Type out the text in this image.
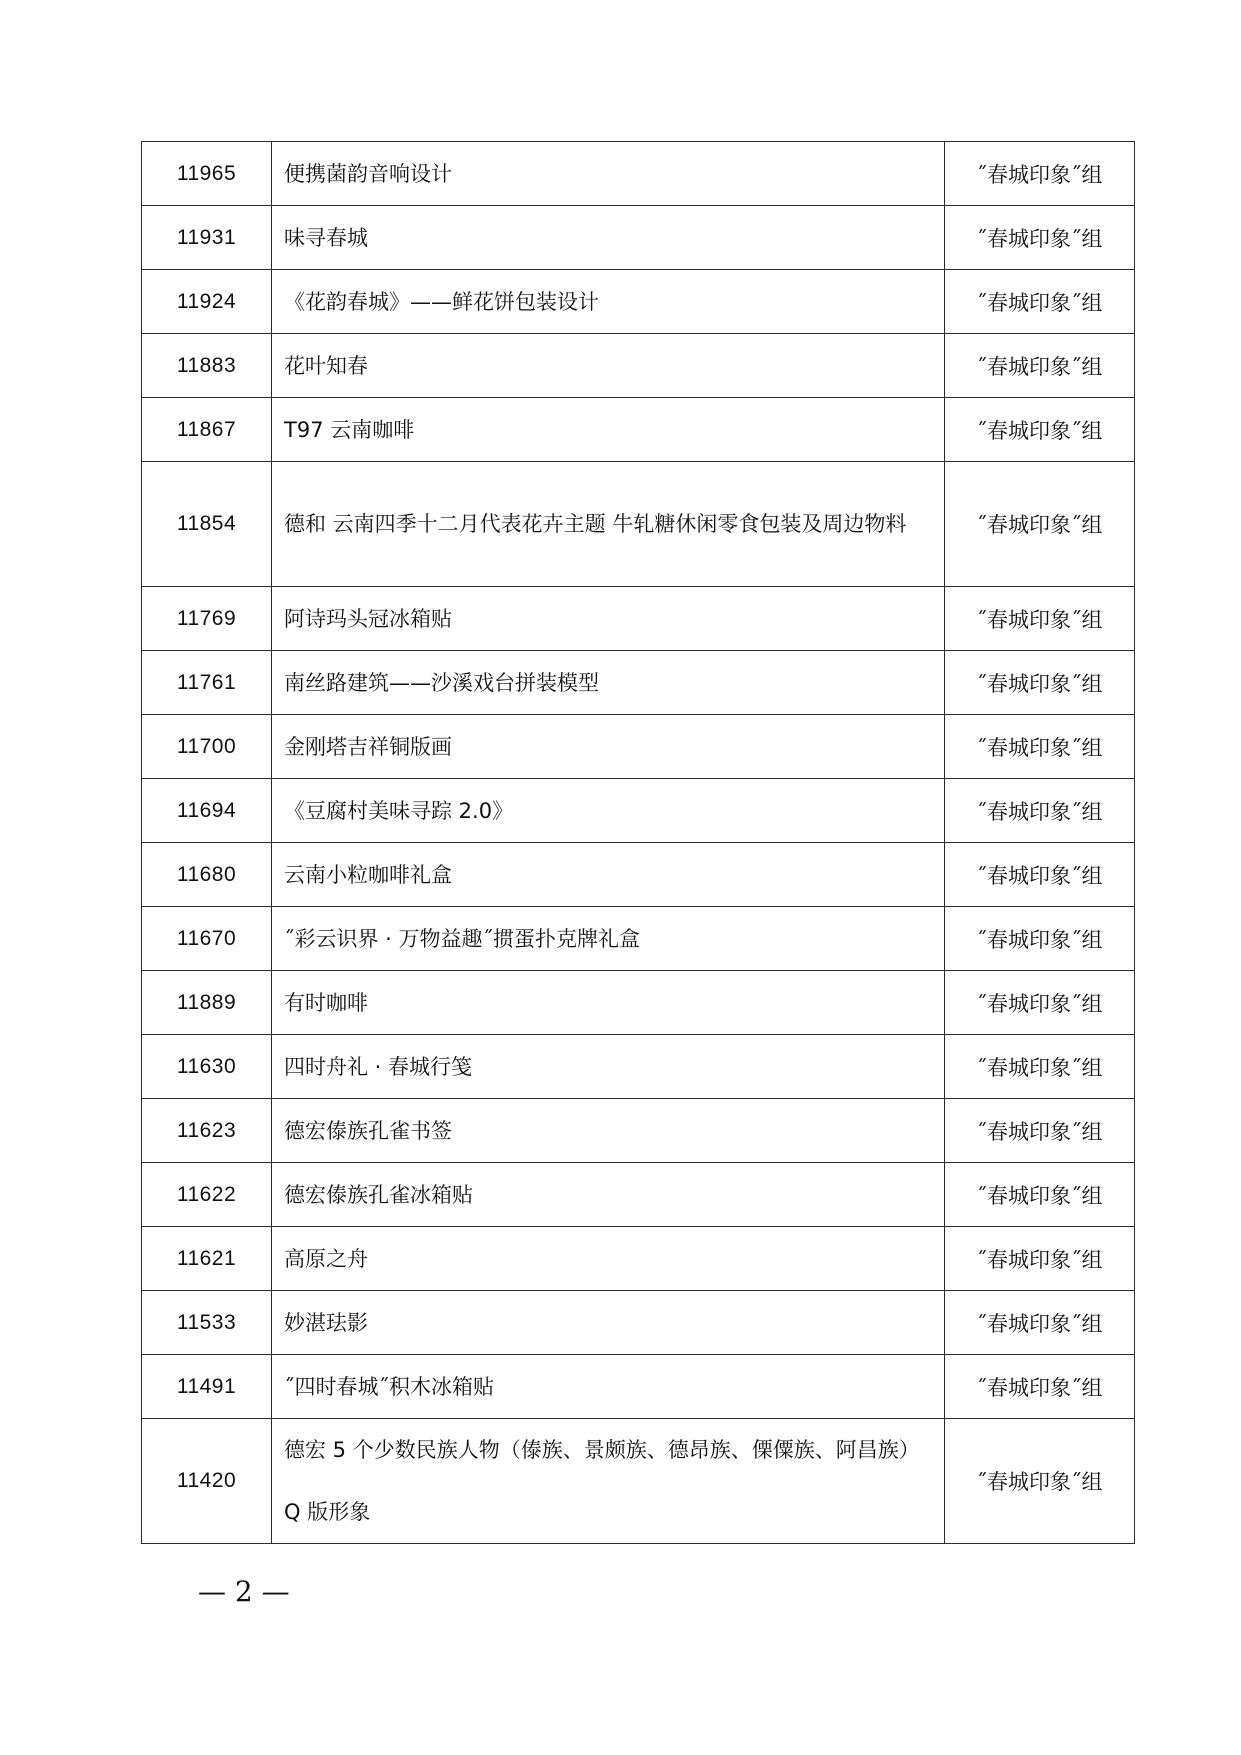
11965	便携菌韵音响设计	˝春城印象˝组
11931	味寻春城	˝春城印象˝组
11924	《花韵春城》——鲜花饼包装设计	˝春城印象˝组
11883	花叶知春	˝春城印象˝组
11867	T97 云南咖啡	˝春城印象˝组
11854	德和 云南四季十二月代表花卉主题 牛轧糖休闲零食包装及周边物料	˝春城印象˝组
11769	阿诗玛头冠冰箱贴	˝春城印象˝组
11761	南丝路建筑——沙溪戏台拼装模型	˝春城印象˝组
11700	金刚塔吉祥铜版画	˝春城印象˝组
11694	《豆腐村美味寻踪 2.0》	˝春城印象˝组
11680	云南小粒咖啡礼盒	˝春城印象˝组
11670	˝彩云识界 · 万物益趣˝掼蛋扑克牌礼盒	˝春城印象˝组
11889	有时咖啡	˝春城印象˝组
11630	四时舟礼 · 春城行笺	˝春城印象˝组
11623	德宏傣族孔雀书签	˝春城印象˝组
11622	德宏傣族孔雀冰箱贴	˝春城印象˝组
11621	高原之舟	˝春城印象˝组
11533	妙湛珐影	˝春城印象˝组
11491	˝四时春城˝积木冰箱贴	˝春城印象˝组
11420	德宏 5 个少数民族人物（傣族、景颇族、德昂族、傈僳族、阿昌族）Q 版形象	˝春城印象˝组
— 2 —
